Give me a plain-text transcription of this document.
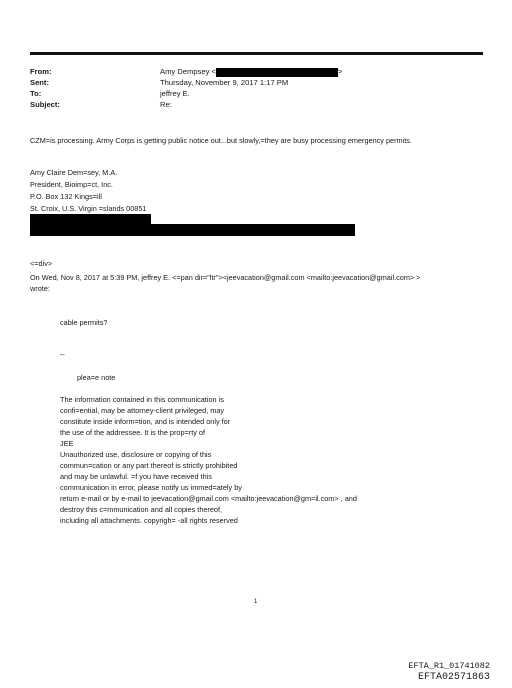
From:	Amy Dempsey <	>
Sent:	Thursday, November 9, 2017 1:17 PM
To:	jeffrey E.
Subject:	Re:
CZM=is processing. Army Corps is getting public notice out...but slowly,=they are busy processing emergency permits.
Amy Claire Dem=sey, M.A.
President, Bioimp=ct, Inc.
P.O. Box 132 Kings=ill
St. Croix, U.S. Virgin =slands 00851
<=div>
On Wed, Nov 8, 2017 at 5:39 PM, jeffrey E. <=pan dir="ltr"><jeevacation@gmail.com <mailto:jeevacation@gmail.com> >
wrote:
cable permits?
--
plea=e note
The information contained in this communication is
confi=ential, may be attorney-client privileged, may
constitute inside inform=tion, and is intended only for
the use of the addressee. It is the prop=rty of
JEE
Unauthorized use, disclosure or copying of this
commun=cation or any part thereof is strictly prohibited
and may be unlawful. =f you have received this
communication in error, please notify us immed=ately by
return e-mail or by e-mail to jeevacation@gmail.com <mailto:jeevacation@gm=il.com> , and
destroy this c=mmunication and all copies thereof,
including all attachments. copyrigh= -all rights reserved
1
EFTA_R1_01741082
EFTA02571863
